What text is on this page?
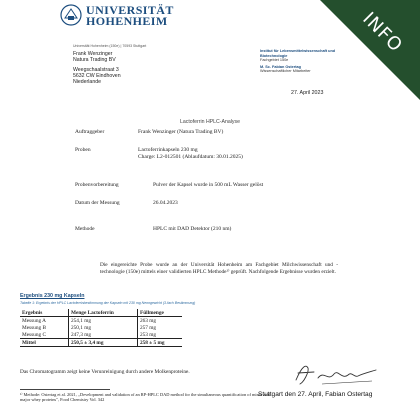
UNIVERSITÄT
HOHENHEIM	INFO
Universität Hohenheim (150e) | 70593 Stuttgart
Frank Wenzinger
Natura Trading BV
Weegschaalstraat 3
5632 CW Eindhoven
Niederlande
Institut für Lebensmittelwissenschaft und
Biotechnologie
Fachgebiet 150e
M. Sc. Fabian Ostertag
Wissenschaftlicher Mitarbeiter
27. April 2023
Lactoferrin HPLC-Analyse
Auftraggeber	Frank Wenzinger (Natura Trading BV)
Proben	Lactoferrinkapseln 230 mg
Charge: L2-012501 (Ablaufdatum: 30.01.2025)
Probenvorbereitung	Pulver der Kapsel wurde in 500 mL Wasser gelöst
Datum der Messung	26.04.2023
Methode	HPLC mit DAD Detektor (210 nm)
Die eingereichte Probe wurde an der Universität Hohenheim am Fachgebiet Milchwissenschaft und -technologie (150e) mittels einer validierten HPLC Methode¹⁾ geprüft. Nachfolgende Ergebnisse wurden erzielt.
Ergebnis 230 mg Kapseln
Tabelle 1: Ergebnis der HPLC Lactoferrinbestimmung der Kapseln mit 230 mg Nenngewicht (3-fach Bestimmung)
Ergebnis	Menge Lactoferrin	Füllmenge
Messung A	254,1 mg	263 mg
Messung B	250,1 mg	257 mg
Messung C	247,3 mg	253 mg
Mittel	250,5 ± 3,4 mg	258 ± 5 mg
Das Chromatogramm zeigt keine Verunreinigung durch andere Molkenproteine.
¹⁾ Methode: Ostertag et al. 2021, „Development and validation of an RP-HPLC DAD method for the simultaneous quantification of minor and major whey proteins", Food Chemistry Vol. 342
Stuttgart den 27. April, Fabian Ostertag
